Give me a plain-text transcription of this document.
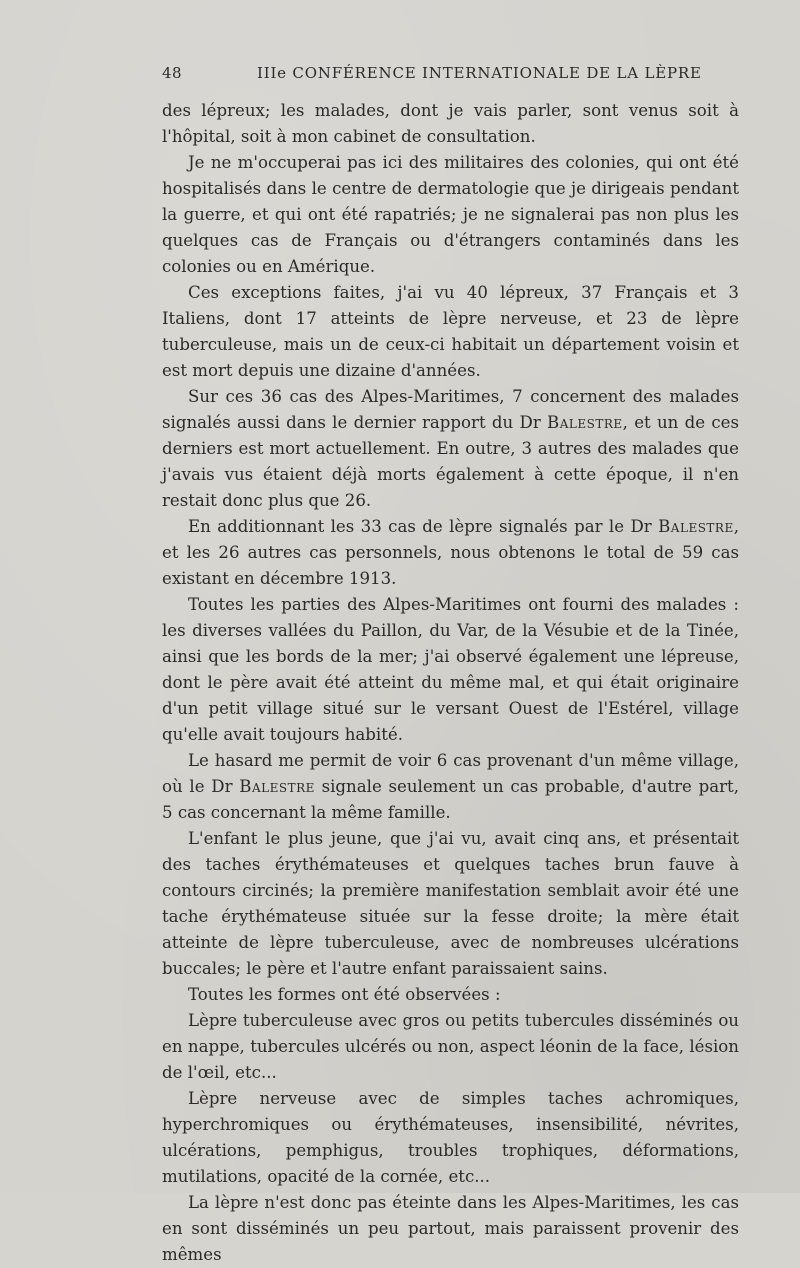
48	IIIe CONFÉRENCE INTERNATIONALE DE LA LÈPRE

des lépreux; les malades, dont je vais parler, sont venus soit à l'hôpital, soit à mon cabinet de consultation.

Je ne m'occuperai pas ici des militaires des colonies, qui ont été hospitalisés dans le centre de dermatologie que je dirigeais pendant la guerre, et qui ont été rapatriés; je ne signalerai pas non plus les quelques cas de Français ou d'étrangers contaminés dans les colonies ou en Amérique.

Ces exceptions faites, j'ai vu 40 lépreux, 37 Français et 3 Italiens, dont 17 atteints de lèpre nerveuse, et 23 de lèpre tuberculeuse, mais un de ceux-ci habitait un département voisin et est mort depuis une dizaine d'années.

Sur ces 36 cas des Alpes-Maritimes, 7 concernent des malades signalés aussi dans le dernier rapport du Dr Balestre, et un de ces derniers est mort actuellement. En outre, 3 autres des malades que j'avais vus étaient déjà morts également à cette époque, il n'en restait donc plus que 26.

En additionnant les 33 cas de lèpre signalés par le Dr Balestre, et les 26 autres cas personnels, nous obtenons le total de 59 cas existant en décembre 1913.

Toutes les parties des Alpes-Maritimes ont fourni des malades : les diverses vallées du Paillon, du Var, de la Vésubie et de la Tinée, ainsi que les bords de la mer; j'ai observé également une lépreuse, dont le père avait été atteint du même mal, et qui était originaire d'un petit village situé sur le versant Ouest de l'Estérel, village qu'elle avait toujours habité.

Le hasard me permit de voir 6 cas provenant d'un même village, où le Dr Balestre signale seulement un cas probable, d'autre part, 5 cas concernant la même famille.

L'enfant le plus jeune, que j'ai vu, avait cinq ans, et présentait des taches érythémateuses et quelques taches brun fauve à contours circinés; la première manifestation semblait avoir été une tache érythémateuse située sur la fesse droite; la mère était atteinte de lèpre tuberculeuse, avec de nombreuses ulcérations buccales; le père et l'autre enfant paraissaient sains.

Toutes les formes ont été observées :

Lèpre tuberculeuse avec gros ou petits tubercules disséminés ou en nappe, tubercules ulcérés ou non, aspect léonin de la face, lésion de l'œil, etc...

Lèpre nerveuse avec de simples taches achromiques, hyperchromiques ou érythémateuses, insensibilité, névrites, ulcérations, pemphigus, troubles trophiques, déformations, mutilations, opacité de la cornée, etc...

La lèpre n'est donc pas éteinte dans les Alpes-Maritimes, les cas en sont disséminés un peu partout, mais paraissent provenir des mêmes
